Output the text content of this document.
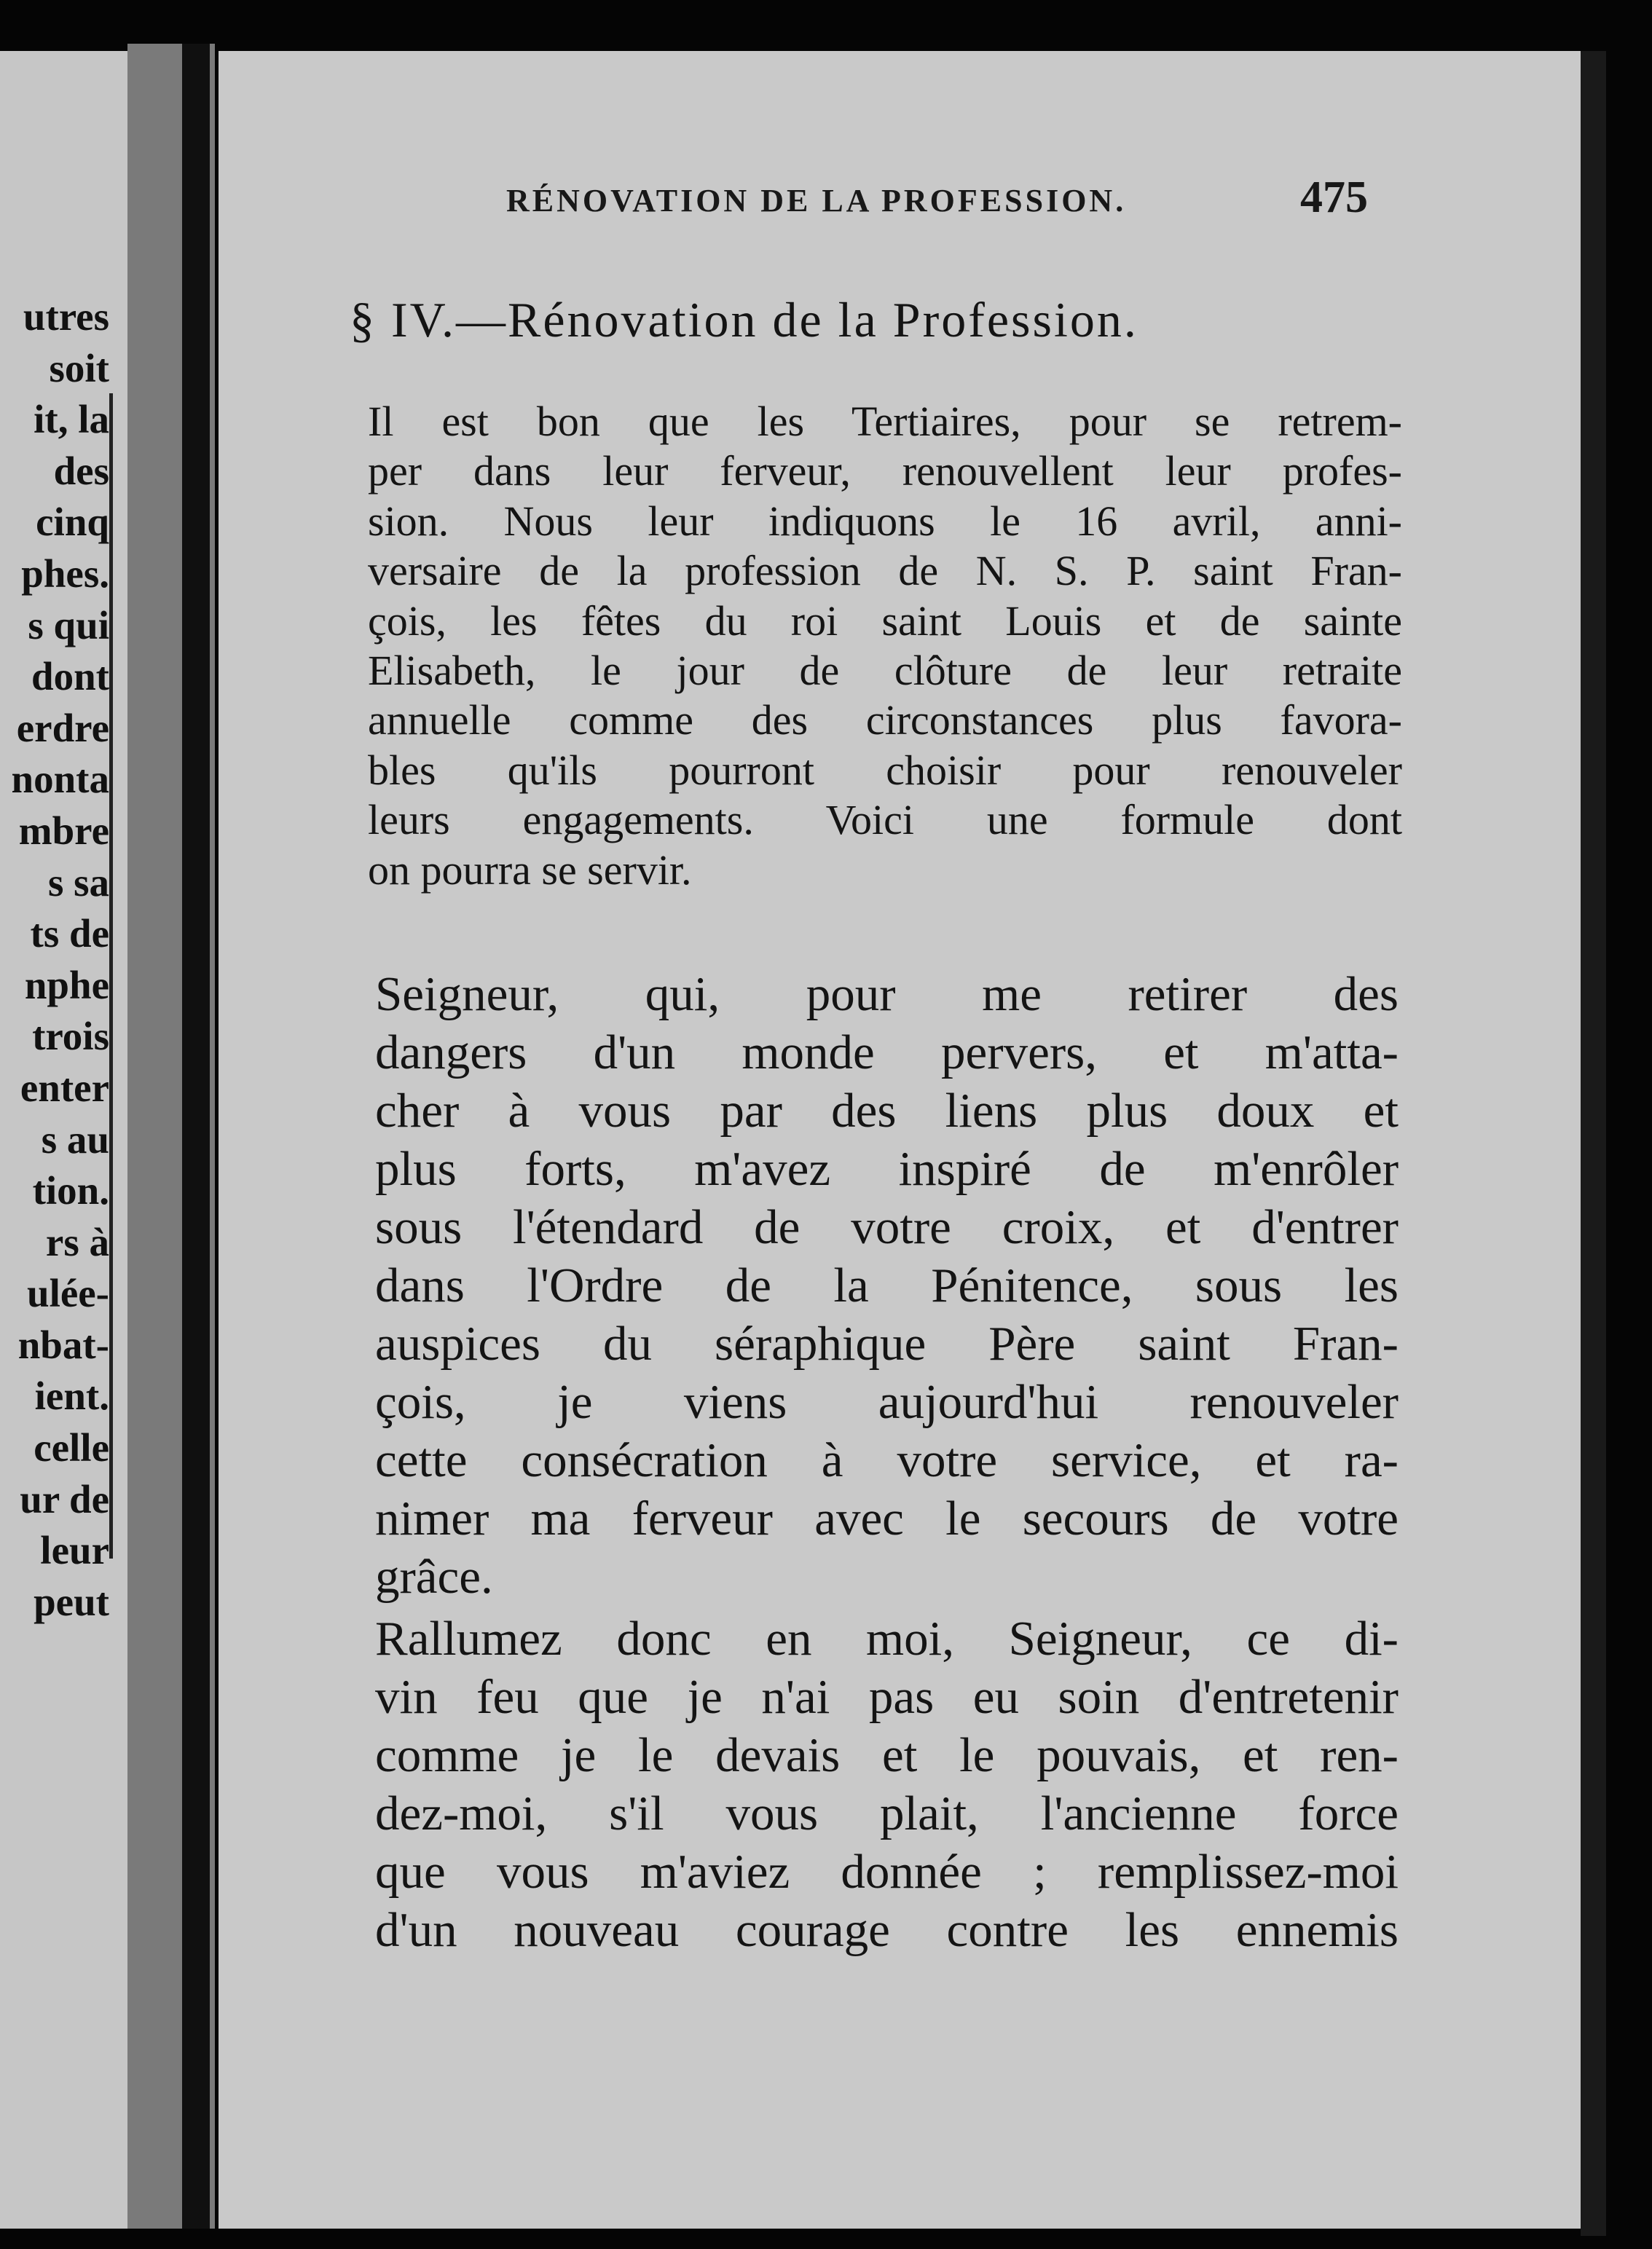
utres
soit
it, la
des
cinq
phes.
s qui
dont
erdre
nonta
mbre
s sa
ts de
nphe
trois
enter
s au
tion.
rs à
ulée-
nbat-
ient.
celle
ur de
leur
peut
RÉNOVATION DE LA PROFESSION.	475
§ IV.—Rénovation de la Profession.
Il est bon que les Tertiaires, pour se retrem-
per dans leur ferveur, renouvellent leur profes-
sion. Nous leur indiquons le 16 avril, anni-
versaire de la profession de N. S. P. saint Fran-
çois, les fêtes du roi saint Louis et de sainte
Elisabeth, le jour de clôture de leur retraite
annuelle comme des circonstances plus favora-
bles qu'ils pourront choisir pour renouveler
leurs engagements. Voici une formule dont
on pourra se servir.
Seigneur, qui, pour me retirer des
dangers d'un monde pervers, et m'atta-
cher à vous par des liens plus doux et
plus forts, m'avez inspiré de m'enrôler
sous l'étendard de votre croix, et d'entrer
dans l'Ordre de la Pénitence, sous les
auspices du séraphique Père saint Fran-
çois, je viens aujourd'hui renouveler
cette consécration à votre service, et ra-
nimer ma ferveur avec le secours de votre
grâce.
Rallumez donc en moi, Seigneur, ce di-
vin feu que je n'ai pas eu soin d'entretenir
comme je le devais et le pouvais, et ren-
dez-moi, s'il vous plait, l'ancienne force
que vous m'aviez donnée ; remplissez-moi
d'un nouveau courage contre les ennemis
